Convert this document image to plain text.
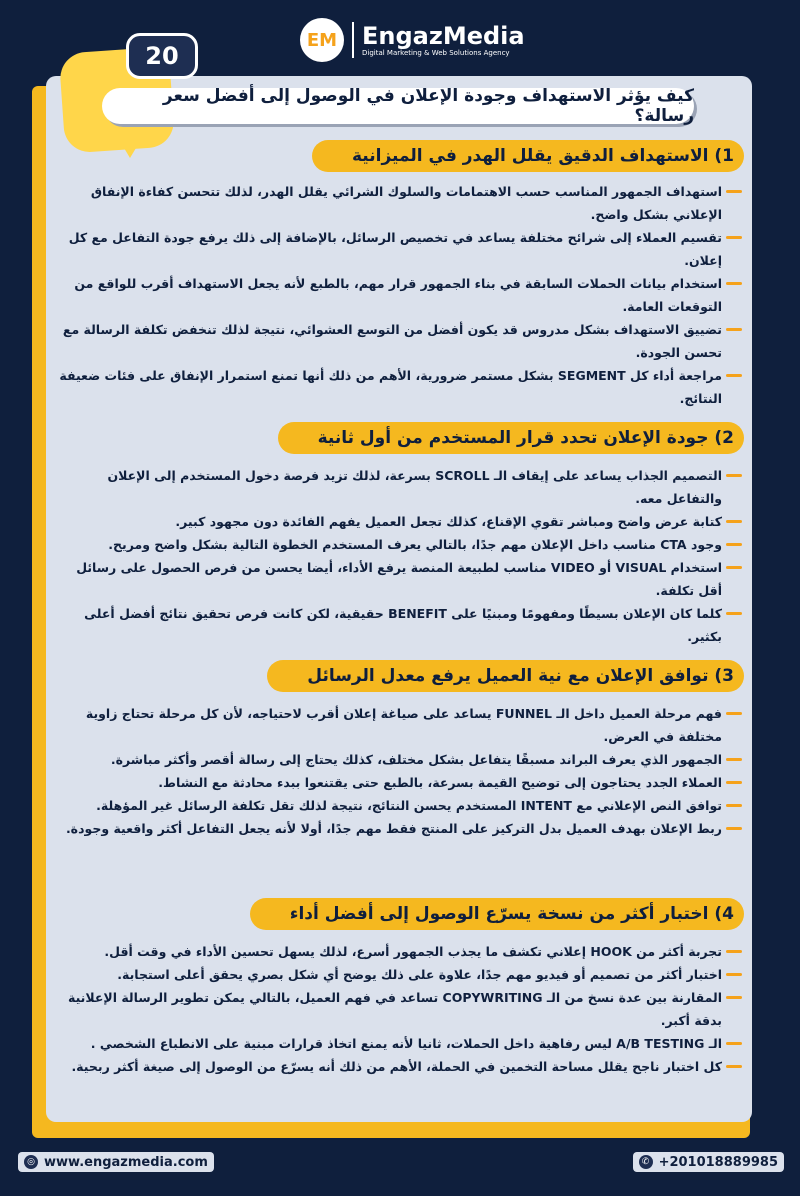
EM EngazMedia
Digital Marketing & Web Solutions Agency
20
كيف يؤثر الاستهداف وجودة الإعلان في الوصول إلى أفضل سعر رسالة؟
1) الاستهداف الدقيق يقلل الهدر في الميزانية
استهداف الجمهور المناسب حسب الاهتمامات والسلوك الشرائي يقلل الهدر، لذلك تتحسن كفاءة الإنفاق الإعلاني بشكل واضح.
تقسيم العملاء إلى شرائح مختلفة يساعد في تخصيص الرسائل، بالإضافة إلى ذلك يرفع جودة التفاعل مع كل إعلان.
استخدام بيانات الحملات السابقة في بناء الجمهور قرار مهم، بالطبع لأنه يجعل الاستهداف أقرب للواقع من التوقعات العامة.
تضييق الاستهداف بشكل مدروس قد يكون أفضل من التوسع العشوائي، نتيجة لذلك تنخفض تكلفة الرسالة مع تحسن الجودة.
مراجعة أداء كل SEGMENT بشكل مستمر ضرورية، الأهم من ذلك أنها تمنع استمرار الإنفاق على فئات ضعيفة النتائج.
2) جودة الإعلان تحدد قرار المستخدم من أول ثانية
التصميم الجذاب يساعد على إيقاف الـ SCROLL بسرعة، لذلك تزيد فرصة دخول المستخدم إلى الإعلان والتفاعل معه.
كتابة عرض واضح ومباشر تقوي الإقناع، كذلك تجعل العميل يفهم الفائدة دون مجهود كبير.
وجود CTA مناسب داخل الإعلان مهم جدًا، بالتالي يعرف المستخدم الخطوة التالية بشكل واضح ومريح.
استخدام VISUAL أو VIDEO مناسب لطبيعة المنصة يرفع الأداء، أيضا يحسن من فرص الحصول على رسائل أقل تكلفة.
كلما كان الإعلان بسيطًا ومفهومًا ومبنيًا على BENEFIT حقيقية، لكن كانت فرص تحقيق نتائج أفضل أعلى بكثير.
3) توافق الإعلان مع نية العميل يرفع معدل الرسائل
فهم مرحلة العميل داخل الـ FUNNEL يساعد على صياغة إعلان أقرب لاحتياجه، لأن كل مرحلة تحتاج زاوية مختلفة في العرض.
الجمهور الذي يعرف البراند مسبقًا يتفاعل بشكل مختلف، كذلك يحتاج إلى رسالة أقصر وأكثر مباشرة.
العملاء الجدد يحتاجون إلى توضيح القيمة بسرعة، بالطبع حتى يقتنعوا ببدء محادثة مع النشاط.
توافق النص الإعلاني مع INTENT المستخدم يحسن النتائج، نتيجة لذلك تقل تكلفة الرسائل غير المؤهلة.
ربط الإعلان بهدف العميل بدل التركيز على المنتج فقط مهم جدًا، أولا لأنه يجعل التفاعل أكثر واقعية وجودة.
4) اختبار أكثر من نسخة يسرّع الوصول إلى أفضل أداء
تجربة أكثر من HOOK إعلاني تكشف ما يجذب الجمهور أسرع، لذلك يسهل تحسين الأداء في وقت أقل.
اختبار أكثر من تصميم أو فيديو مهم جدًا، علاوة على ذلك يوضح أي شكل بصري يحقق أعلى استجابة.
المقارنة بين عدة نسخ من الـ COPYWRITING تساعد في فهم العميل، بالتالي يمكن تطوير الرسالة الإعلانية بدقة أكبر.
الـ A/B TESTING ليس رفاهية داخل الحملات، ثانيا لأنه يمنع اتخاذ قرارات مبنية على الانطباع الشخصي .
كل اختبار ناجح يقلل مساحة التخمين في الحملة، الأهم من ذلك أنه يسرّع من الوصول إلى صيغة أكثر ربحية.
◎ www.engazmedia.com	✆ +201018889985
